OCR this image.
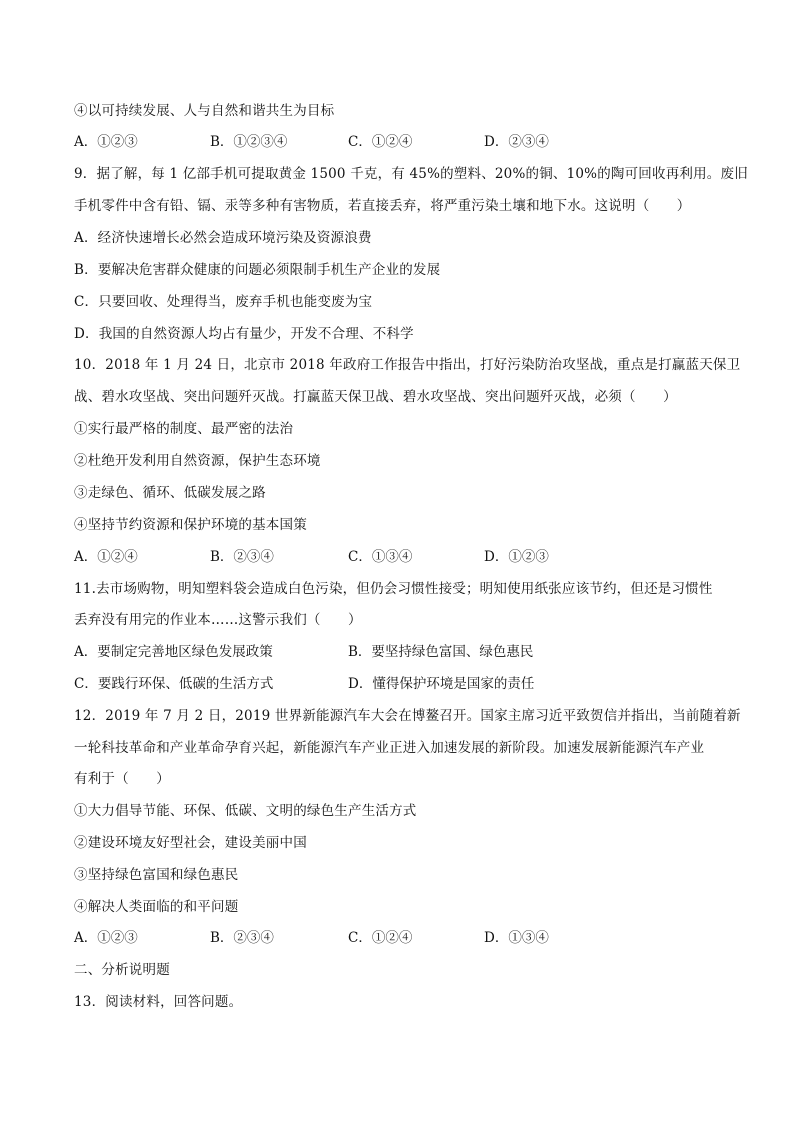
④以可持续发展、人与自然和谐共生为目标
A．①②③	B．①②③④	C．①②④	D．②③④
9．据了解，每 1 亿部手机可提取黄金 1500 千克，有 45%的塑料、20%的铜、10%的陶可回收再利用。废旧
手机零件中含有铅、镉、汞等多种有害物质，若直接丢弃，将严重污染土壤和地下水。这说明（　　）
A．经济快速增长必然会造成环境污染及资源浪费
B．要解决危害群众健康的问题必须限制手机生产企业的发展
C．只要回收、处理得当，废弃手机也能变废为宝
D．我国的自然资源人均占有量少，开发不合理、不科学
10．2018 年 1 月 24 日，北京市 2018 年政府工作报告中指出，打好污染防治攻坚战，重点是打赢蓝天保卫
战、碧水攻坚战、突出问题歼灭战。打赢蓝天保卫战、碧水攻坚战、突出问题歼灭战，必须（　　）
①实行最严格的制度、最严密的法治
②杜绝开发利用自然资源，保护生态环境
③走绿色、循环、低碳发展之路
④坚持节约资源和保护环境的基本国策
A．①②④	B．②③④	C．①③④	D．①②③
11.去市场购物，明知塑料袋会造成白色污染，但仍会习惯性接受；明知使用纸张应该节约，但还是习惯性
丢弃没有用完的作业本……这警示我们（　　）
A．要制定完善地区绿色发展政策	B．要坚持绿色富国、绿色惠民
C．要践行环保、低碳的生活方式	D．懂得保护环境是国家的责任
12．2019 年 7 月 2 日，2019 世界新能源汽车大会在博鳌召开。国家主席习近平致贺信并指出，当前随着新
一轮科技革命和产业革命孕育兴起，新能源汽车产业正进入加速发展的新阶段。加速发展新能源汽车产业
有利于（　　）
①大力倡导节能、环保、低碳、文明的绿色生产生活方式
②建设环境友好型社会，建设美丽中国
③坚持绿色富国和绿色惠民
④解决人类面临的和平问题
A．①②③	B．②③④	C．①②④	D．①③④
二、分析说明题
13．阅读材料，回答问题。
